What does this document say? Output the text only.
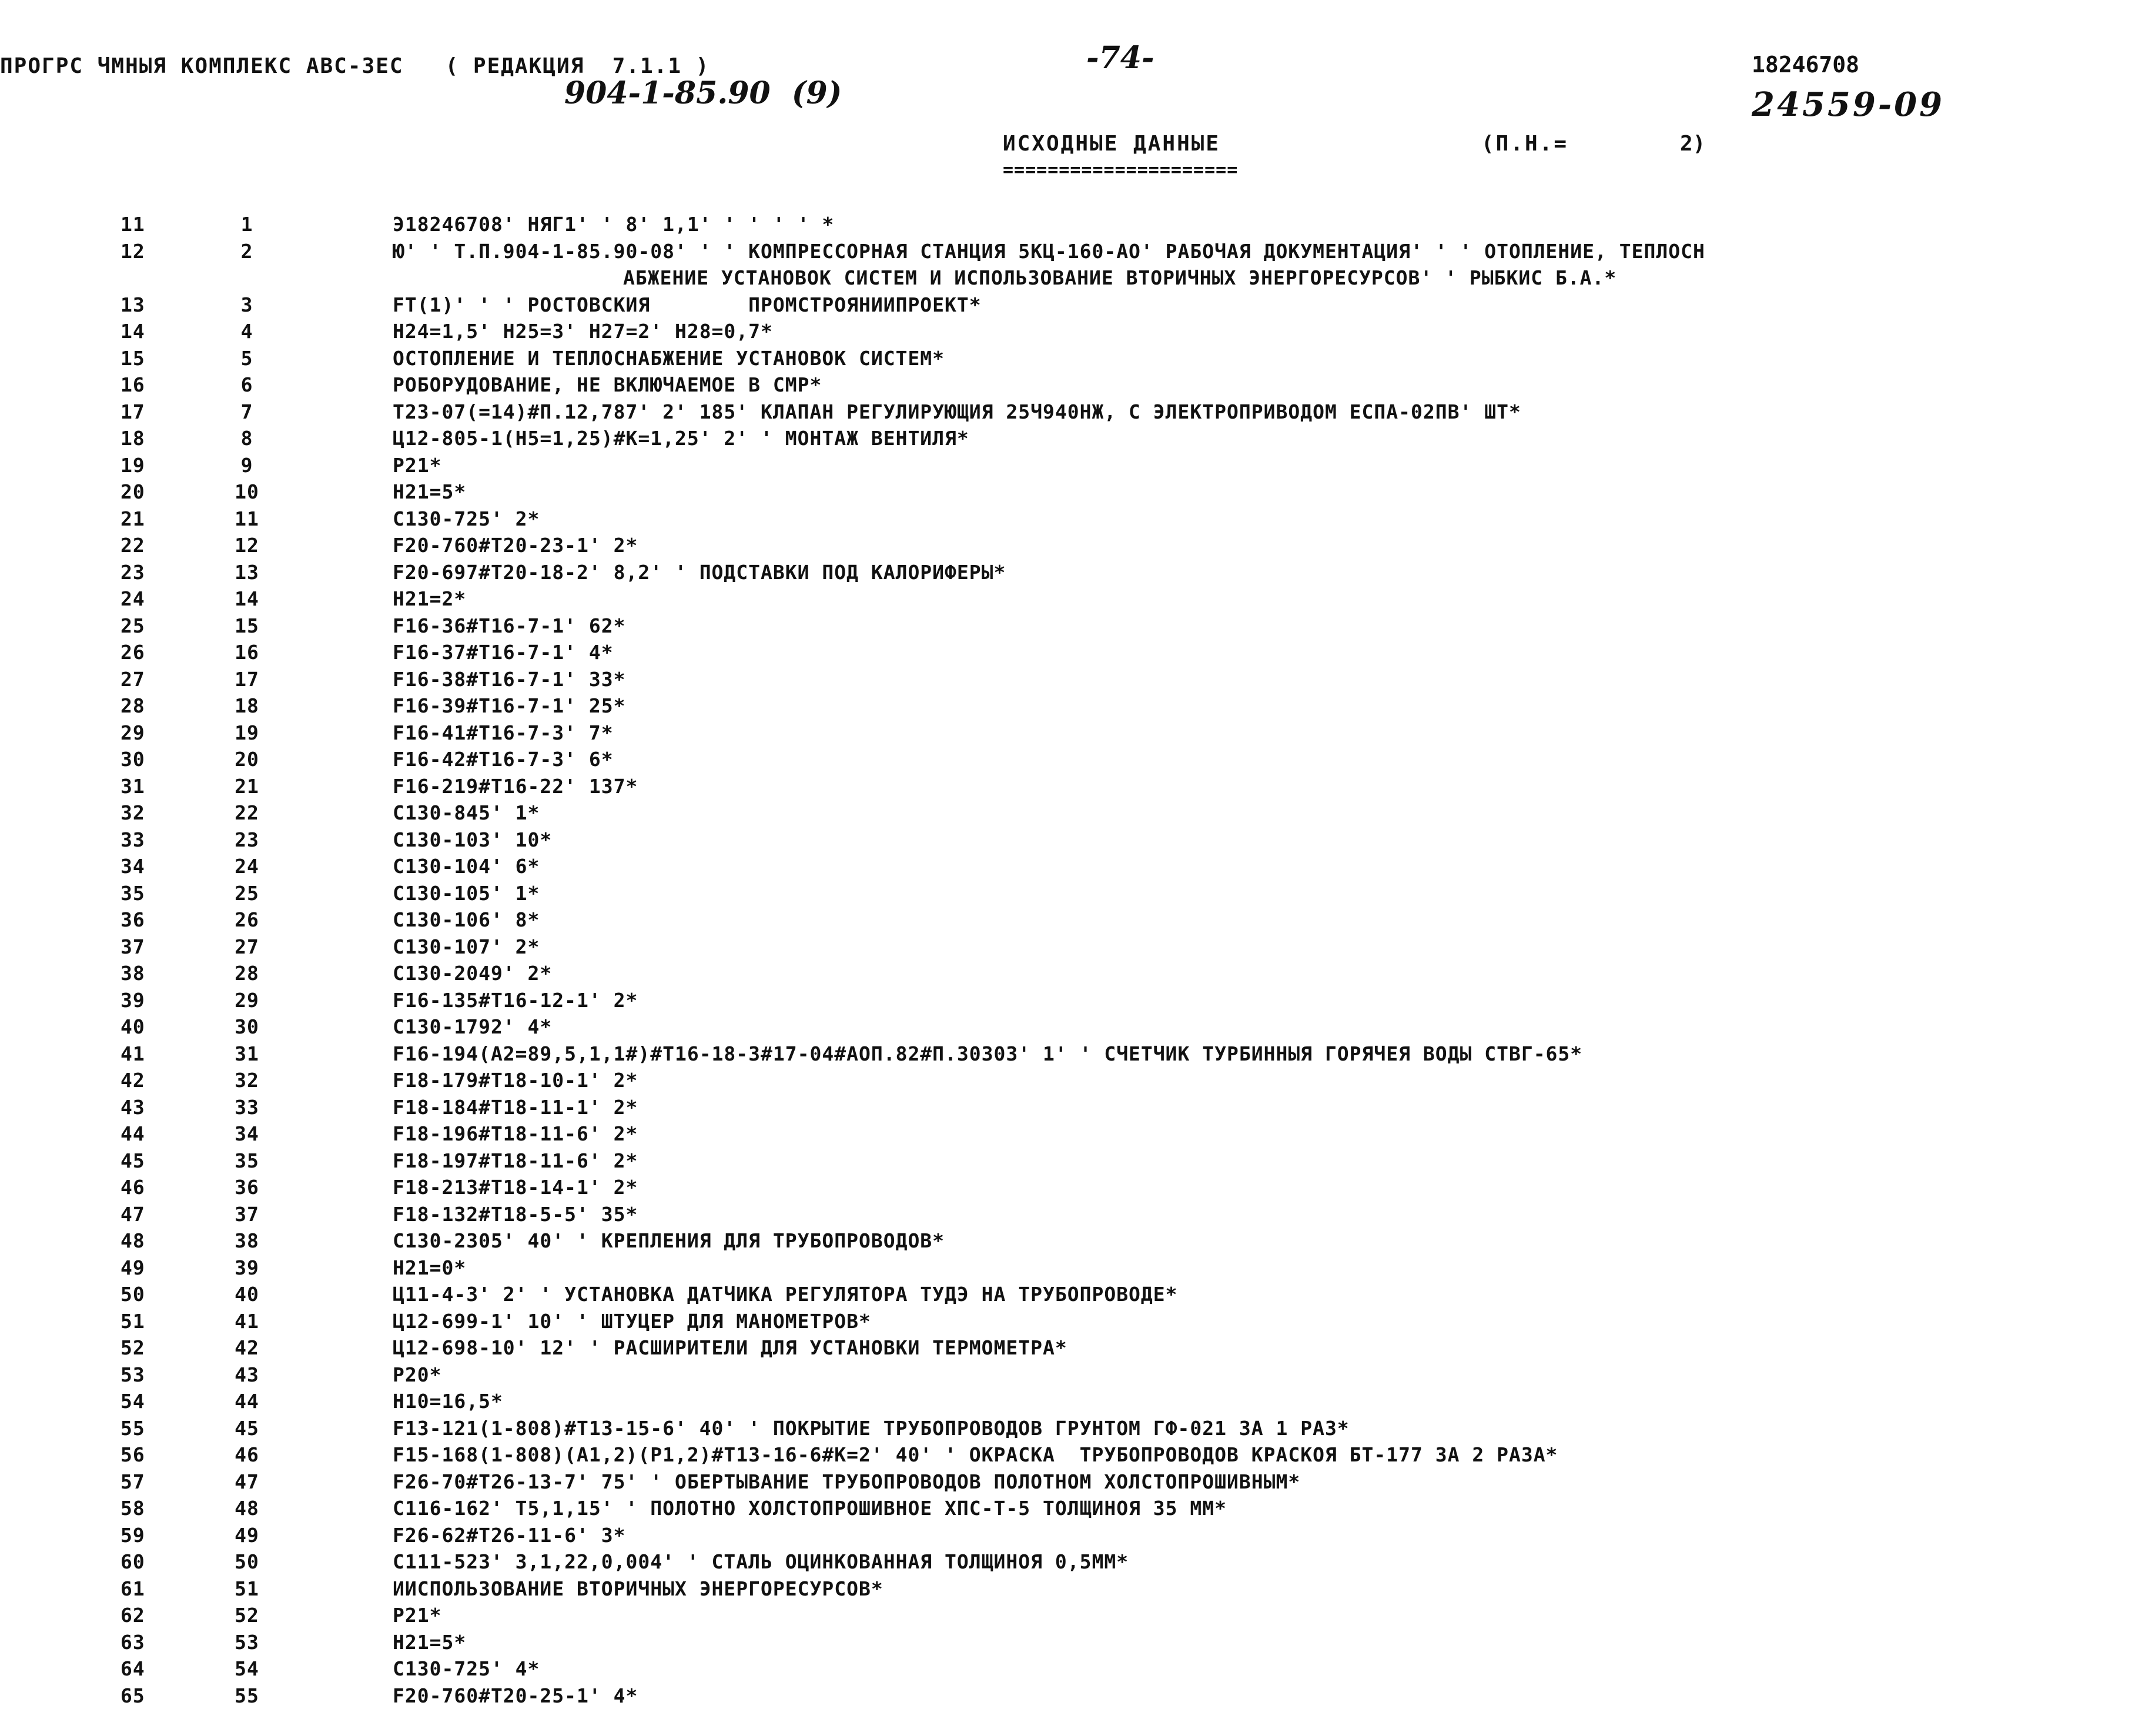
ПРОГРС ЧМНЫЯ КОМПЛЕКС АВС-ЗЕС   ( РЕДАКЦИЯ  7.1.1 )	-74-
904-1-85.90  (9)
18246708
24559-09
ИСХОДНЫЕ ДАННЫЕ
=====================
(П.Н.=	2)
11	1	Э18246708' НЯГ1' ' 8' 1,1' ' ' ' ' *
12	2	Ю' ' Т.П.904-1-85.90-08' ' ' КОМПРЕССОРНАЯ СТАНЦИЯ 5КЦ-160-АО' РАБОЧАЯ ДОКУМЕНТАЦИЯ' ' ' ОТОПЛЕНИЕ, ТЕПЛОСН
АБЖЕНИЕ УСТАНОВОК СИСТЕМ И ИСПОЛЬЗОВАНИЕ ВТОРИЧНЫХ ЭНЕРГОРЕСУРСОВ' ' РЫБКИС Б.А.*
13	3	FT(1)' ' ' РОСТОВСКИЯ        ПРОМСТРОЯНИИПРОЕКТ*
14	4	Н24=1,5' Н25=3' Н27=2' Н28=0,7*
15	5	ОСТОПЛЕНИЕ И ТЕПЛОСНАБЖЕНИЕ УСТАНОВОК СИСТЕМ*
16	6	РОБОРУДОВАНИЕ, НЕ ВКЛЮЧАЕМОЕ В СМР*
17	7	Т23-07(=14)#П.12,787' 2' 185' КЛАПАН РЕГУЛИРУЮЩИЯ 25Ч940НЖ, С ЭЛЕКТРОПРИВОДОМ ЕСПА-02ПВ' ШТ*
18	8	Ц12-805-1(Н5=1,25)#К=1,25' 2' ' МОНТАЖ ВЕНТИЛЯ*
19	9	Р21*
20	10	Н21=5*
21	11	С130-725' 2*
22	12	F20-760#T20-23-1' 2*
23	13	F20-697#T20-18-2' 8,2' ' ПОДСТАВКИ ПОД КАЛОРИФЕРЫ*
24	14	Н21=2*
25	15	F16-36#T16-7-1' 62*
26	16	F16-37#T16-7-1' 4*
27	17	F16-38#T16-7-1' 33*
28	18	F16-39#T16-7-1' 25*
29	19	F16-41#T16-7-3' 7*
30	20	F16-42#T16-7-3' 6*
31	21	F16-219#T16-22' 137*
32	22	С130-845' 1*
33	23	С130-103' 10*
34	24	С130-104' 6*
35	25	С130-105' 1*
36	26	С130-106' 8*
37	27	С130-107' 2*
38	28	С130-2049' 2*
39	29	F16-135#T16-12-1' 2*
40	30	С130-1792' 4*
41	31	F16-194(А2=89,5,1,1#)#T16-18-3#17-04#АОП.82#П.30303' 1' ' СЧЕТЧИК ТУРБИННЫЯ ГОРЯЧЕЯ ВОДЫ СТВГ-65*
42	32	F18-179#T18-10-1' 2*
43	33	F18-184#T18-11-1' 2*
44	34	F18-196#T18-11-6' 2*
45	35	F18-197#T18-11-6' 2*
46	36	F18-213#T18-14-1' 2*
47	37	F18-132#T18-5-5' 35*
48	38	С130-2305' 40' ' КРЕПЛЕНИЯ ДЛЯ ТРУБОПРОВОДОВ*
49	39	Н21=0*
50	40	Ц11-4-3' 2' ' УСТАНОВКА ДАТЧИКА РЕГУЛЯТОРА ТУДЭ НА ТРУБОПРОВОДЕ*
51	41	Ц12-699-1' 10' ' ШТУЦЕР ДЛЯ МАНОМЕТРОВ*
52	42	Ц12-698-10' 12' ' РАСШИРИТЕЛИ ДЛЯ УСТАНОВКИ ТЕРМОМЕТРА*
53	43	Р20*
54	44	Н10=16,5*
55	45	F13-121(1-808)#T13-15-6' 40' ' ПОКРЫТИЕ ТРУБОПРОВОДОВ ГРУНТОМ ГФ-021 ЗА 1 РАЗ*
56	46	F15-168(1-808)(А1,2)(Р1,2)#T13-16-6#К=2' 40' ' ОКРАСКА  ТРУБОПРОВОДОВ КРАСКОЯ БТ-177 ЗА 2 РАЗА*
57	47	F26-70#T26-13-7' 75' ' ОБЕРТЫВАНИЕ ТРУБОПРОВОДОВ ПОЛОТНОМ ХОЛСТОПРОШИВНЫМ*
58	48	С116-162' T5,1,15' ' ПОЛОТНО ХОЛСТОПРОШИВНОЕ ХПС-Т-5 ТОЛЩИНОЯ 35 ММ*
59	49	F26-62#T26-11-6' 3*
60	50	С111-523' 3,1,22,0,004' ' СТАЛЬ ОЦИНКОВАННАЯ ТОЛЩИНОЯ 0,5ММ*
61	51	ИИСПОЛЬЗОВАНИЕ ВТОРИЧНЫХ ЭНЕРГОРЕСУРСОВ*
62	52	Р21*
63	53	Н21=5*
64	54	С130-725' 4*
65	55	F20-760#T20-25-1' 4*
